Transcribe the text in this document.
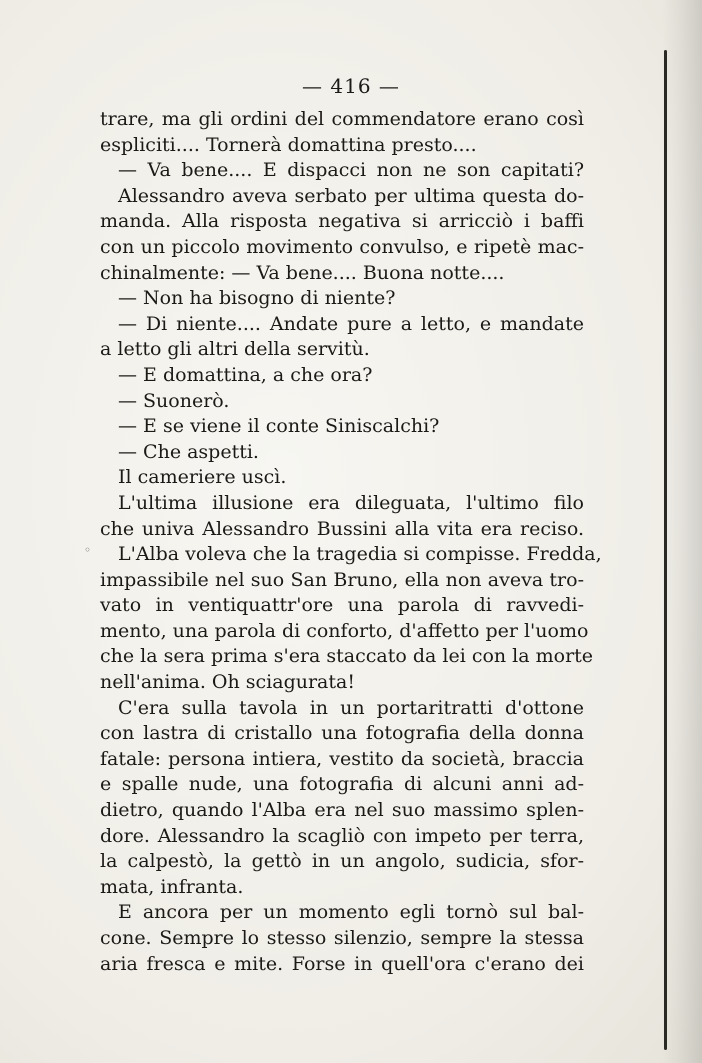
— 416 —
trare, ma gli ordini del commendatore erano così
espliciti.... Tornerà domattina presto....
— Va bene.... E dispacci non ne son capitati?
Alessandro aveva serbato per ultima questa do-
manda. Alla risposta negativa si arricciò i baffi
con un piccolo movimento convulso, e ripetè mac-
chinalmente: — Va bene.... Buona notte....
— Non ha bisogno di niente?
— Di niente.... Andate pure a letto, e mandate
a letto gli altri della servitù.
— E domattina, a che ora?
— Suonerò.
— E se viene il conte Siniscalchi?
— Che aspetti.
Il cameriere uscì.
L'ultima illusione era dileguata, l'ultimo filo
che univa Alessandro Bussini alla vita era reciso.
L'Alba voleva che la tragedia si compisse. Fredda,
impassibile nel suo San Bruno, ella non aveva tro-
vato in ventiquattr'ore una parola di ravvedi-
mento, una parola di conforto, d'affetto per l'uomo
che la sera prima s'era staccato da lei con la morte
nell'anima. Oh sciagurata!
C'era sulla tavola in un portaritratti d'ottone
con lastra di cristallo una fotografia della donna
fatale: persona intiera, vestito da società, braccia
e spalle nude, una fotografia di alcuni anni ad-
dietro, quando l'Alba era nel suo massimo splen-
dore. Alessandro la scagliò con impeto per terra,
la calpestò, la gettò in un angolo, sudicia, sfor-
mata, infranta.
E ancora per un momento egli tornò sul bal-
cone. Sempre lo stesso silenzio, sempre la stessa
aria fresca e mite. Forse in quell'ora c'erano dei
◦
